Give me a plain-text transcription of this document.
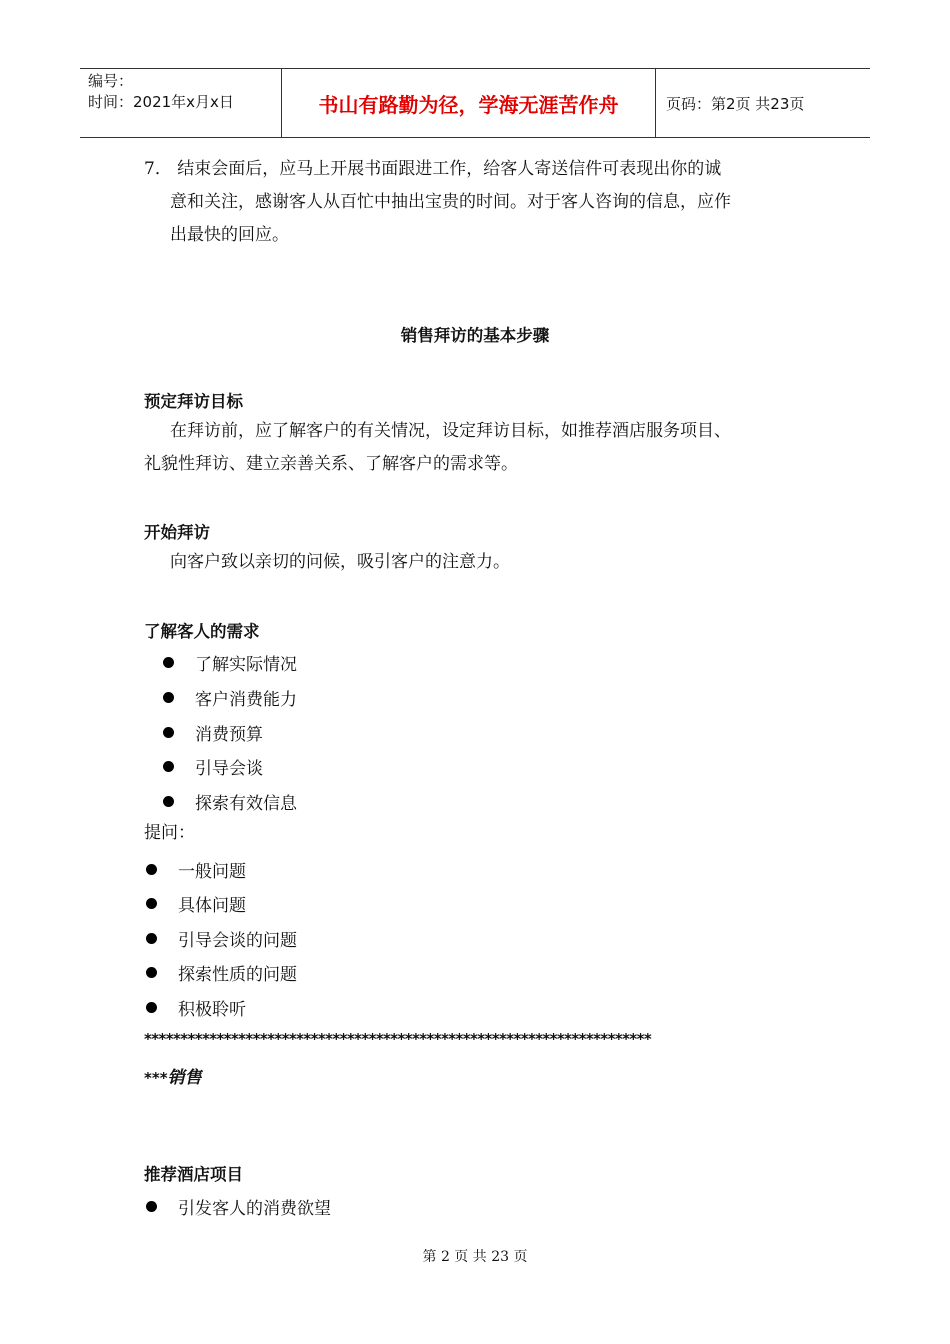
编号：
时间：2021年x月x日	书山有路勤为径，学海无涯苦作舟	页码：第2页 共23页
7． 结束会面后，应马上开展书面跟进工作，给客人寄送信件可表现出你的诚
意和关注，感谢客人从百忙中抽出宝贵的时间。对于客人咨询的信息，应作
出最快的回应。
销售拜访的基本步骤
预定拜访目标
在拜访前，应了解客户的有关情况，设定拜访目标，如推荐酒店服务项目、
礼貌性拜访、建立亲善关系、了解客户的需求等。
开始拜访
向客户致以亲切的问候，吸引客户的注意力。
了解客人的需求
了解实际情况
客户消费能力
消费预算
引导会谈
探索有效信息
提问：
一般问题
具体问题
引导会谈的问题
探索性质的问题
积极聆听
**********************************************************************
***销售
推荐酒店项目
引发客人的消费欲望
第 2 页 共 23 页
